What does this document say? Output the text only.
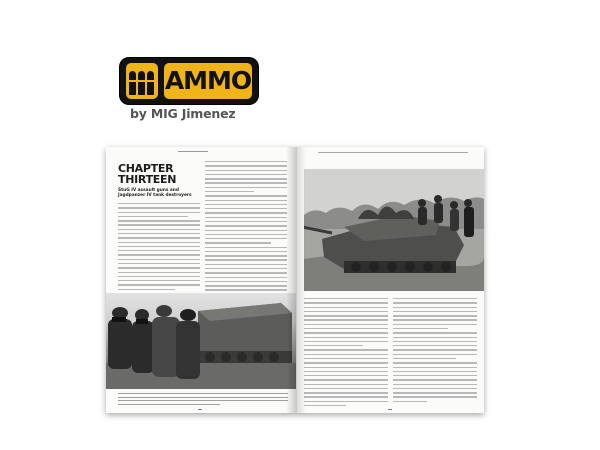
AMMO
by MIG Jimenez
CHAPTER THIRTEEN
StuG IV assault guns and Jagdpanzer IV tank destroyers
